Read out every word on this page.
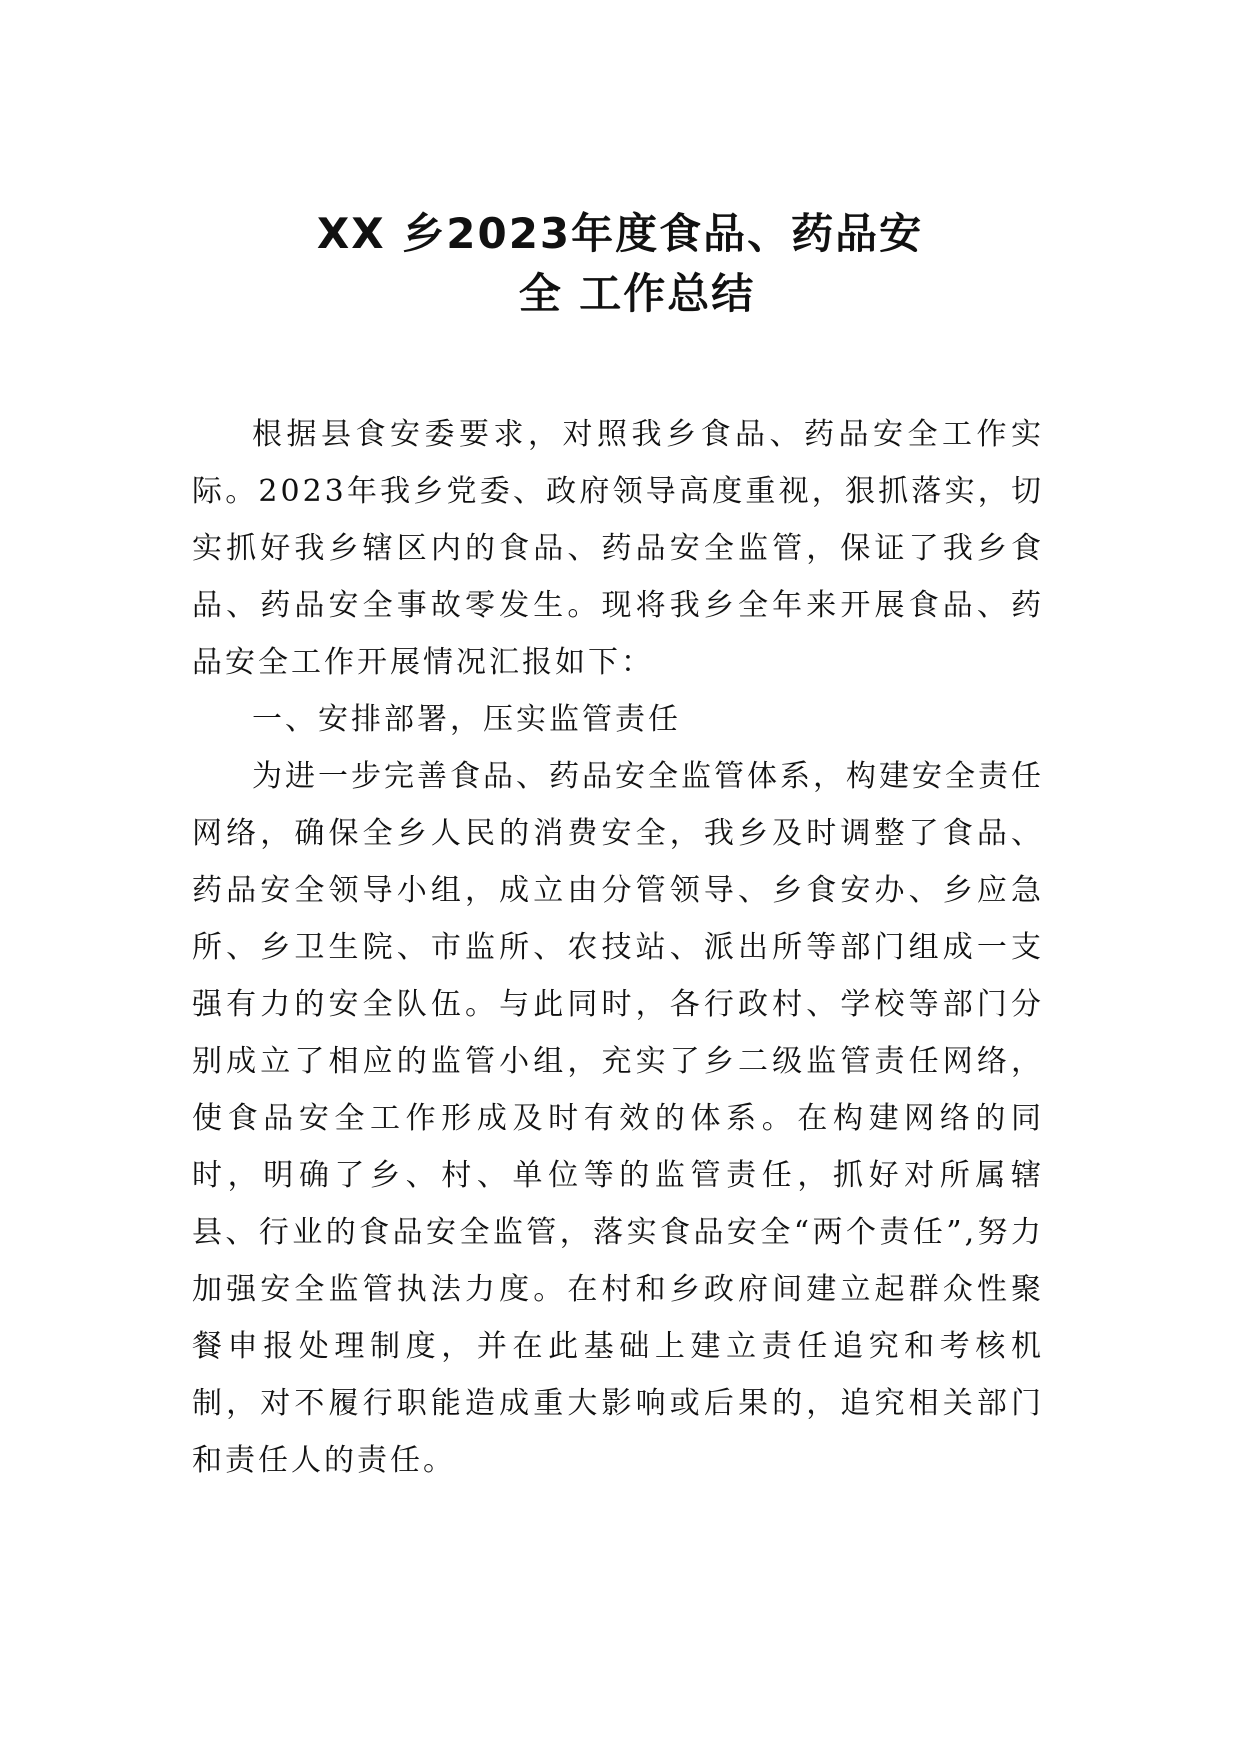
XX 乡2023年度食品、药品安
全 工作总结

根据县食安委要求，对照我乡食品、药品安全工作实际。2023年我乡党委、政府领导高度重视，狠抓落实，切实抓好我乡辖区内的食品、药品安全监管，保证了我乡食品、药品安全事故零发生。现将我乡全年来开展食品、药品安全工作开展情况汇报如下：

一、安排部署，压实监管责任

为进一步完善食品、药品安全监管体系，构建安全责任网络，确保全乡人民的消费安全，我乡及时调整了食品、药品安全领导小组，成立由分管领导、乡食安办、乡应急所、乡卫生院、市监所、农技站、派出所等部门组成一支强有力的安全队伍。与此同时，各行政村、学校等部门分别成立了相应的监管小组，充实了乡二级监管责任网络，使食品安全工作形成及时有效的体系。在构建网络的同时，明确了乡、村、单位等的监管责任，抓好对所属辖县、行业的食品安全监管，落实食品安全“两个责任”,努力加强安全监管执法力度。在村和乡政府间建立起群众性聚餐申报处理制度，并在此基础上建立责任追究和考核机制，对不履行职能造成重大影响或后果的，追究相关部门和责任人的责任。
